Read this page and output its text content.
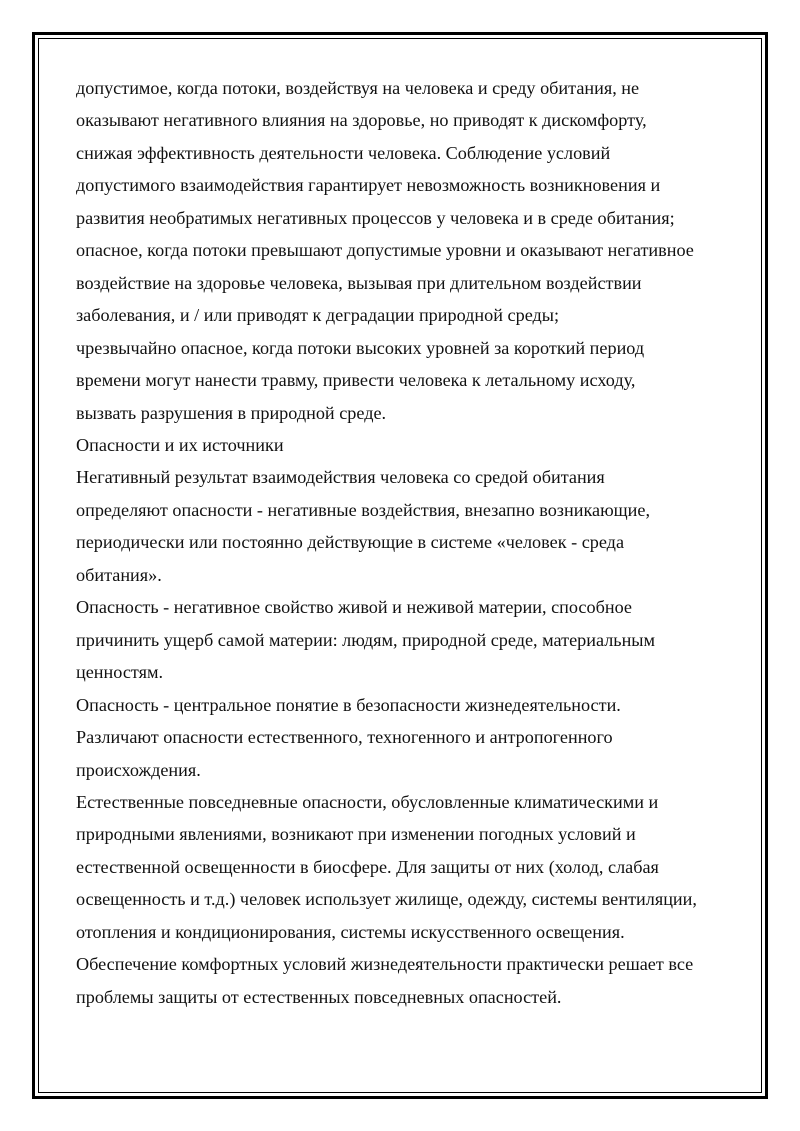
допустимое, когда потоки, воздействуя на человека и среду обитания, не
оказывают негативного влияния на здоровье, но приводят к дискомфорту,
снижая эффективность деятельности человека. Соблюдение условий
допустимого взаимодействия гарантирует невозможность возникновения и
развития необратимых негативных процессов у человека и в среде обитания;
опасное, когда потоки превышают допустимые уровни и оказывают негативное
воздействие на здоровье человека, вызывая при длительном воздействии
заболевания, и / или приводят к деградации природной среды;
чрезвычайно опасное, когда потоки высоких уровней за короткий период
времени могут нанести травму, привести человека к летальному исходу,
вызвать разрушения в природной среде.
Опасности и их источники
Негативный результат взаимодействия человека со средой обитания
определяют опасности - негативные воздействия, внезапно возникающие,
периодически или постоянно действующие в системе «человек - среда
обитания».
Опасность - негативное свойство живой и неживой материи, способное
причинить ущерб самой материи: людям, природной среде, материальным
ценностям.
Опасность - центральное понятие в безопасности жизнедеятельности.
Различают опасности естественного, техногенного и антропогенного
происхождения.
Естественные повседневные опасности, обусловленные климатическими и
природными явлениями, возникают при изменении погодных условий и
естественной освещенности в биосфере. Для защиты от них (холод, слабая
освещенность и т.д.) человек использует жилище, одежду, системы вентиляции,
отопления и кондиционирования, системы искусственного освещения.
Обеспечение комфортных условий жизнедеятельности практически решает все
проблемы защиты от естественных повседневных опасностей.
